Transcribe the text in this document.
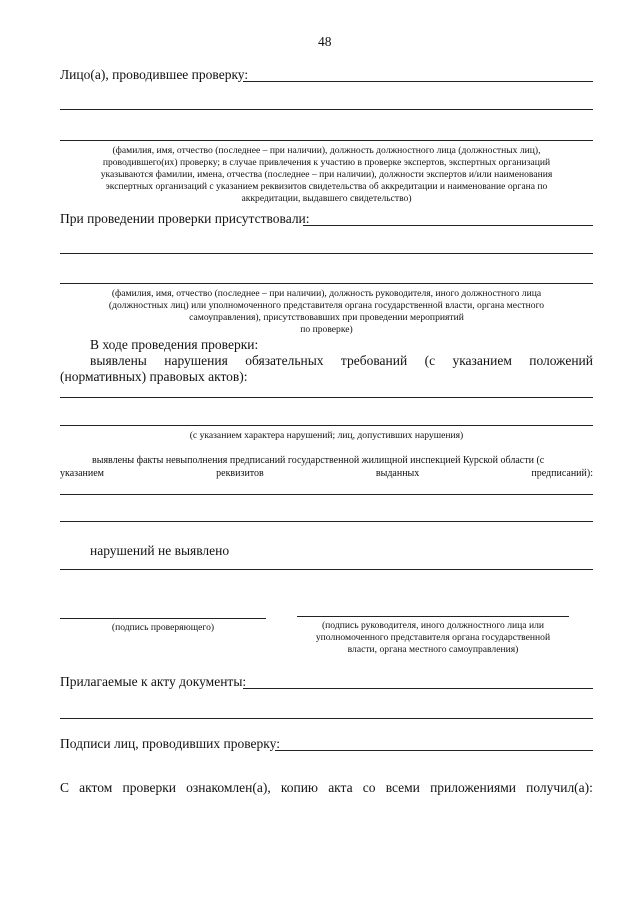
48
Лицо(а), проводившее проверку:
(фамилия, имя, отчество (последнее – при наличии), должность должностного лица (должностных лиц),
проводившего(их) проверку; в случае привлечения к участию в проверке экспертов, экспертных организаций
указываются фамилии, имена, отчества (последнее – при наличии), должности экспертов и/или наименования
экспертных организаций с указанием реквизитов свидетельства об аккредитации и наименование органа по
аккредитации, выдавшего свидетельство)
При проведении проверки присутствовали:
(фамилия, имя, отчество (последнее – при наличии), должность руководителя, иного должностного лица
(должностных лиц) или уполномоченного представителя органа государственной власти, органа местного
самоуправления), присутствовавших при проведении мероприятий
по проверке)
В ходе проведения проверки:
выявлены нарушения обязательных требований (с указанием положений
(нормативных) правовых актов):
(с указанием характера нарушений; лиц, допустивших нарушения)
выявлены факты невыполнения предписаний государственной жилищной инспекцией Курской области (с
указанием	реквизитов	выданных	предписаний):
нарушений не выявлено
(подпись проверяющего)	(подпись руководителя, иного должностного лица или
уполномоченного представителя органа государственной
власти, органа местного самоуправления)
Прилагаемые к акту документы:
Подписи лиц, проводивших проверку:
С актом проверки ознакомлен(а), копию акта со всеми приложениями получил(а):
